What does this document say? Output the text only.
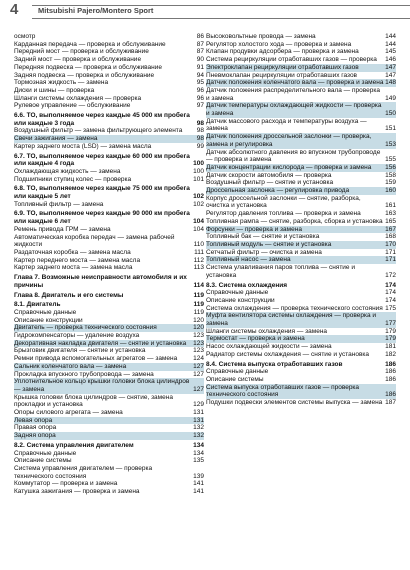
4	Mitsubishi Pajero/Montero Sport
осмотр	86
Карданная передача — проверка и обслуживание	87
Передний мост — проверка и обслуживание	87
Задний мост — проверка и обслуживание	90
Передняя подвеска — проверка и обслуживание	91
Задняя подвеска — проверка и обслуживание	94
Тормозная жидкость — замена	95
Диски и шины — проверка	96
Шланги системы охлаждения — проверка	96
Рулевое управление — обслуживание	97
6.6. ТО, выполняемое через каждые 45 000 км пробега или каждые 3 года	98
Воздушный фильтр — замена фильтрующего элемента 98
Свечи зажигания — замена	98
Картер заднего моста (LSD) — замена масла	99
6.7. ТО, выполняемое через каждые 60 000 км пробега или каждые 4 года	100
Охлаждающая жидкость — замена	100
Подшипники ступиц колес — проверка	101
6.8. ТО, выполняемое через каждые 75 000 км пробега или каждые 5 лет	102
Топливный фильтр — замена	102
6.9. ТО, выполняемое через каждые 90 000 км пробега или каждые 6 лет	104
Ремень привода ГРМ — замена	104
Автоматическая коробка передач — замена рабочей жидкости	110
Раздаточная коробка — замена масла	111
Картер переднего моста — замена масла	112
Картер заднего моста — замена масла	113
Глава 7. Возможные неисправности автомобиля и их причины	114
Глава 8. Двигатель и его системы	119
8.1. Двигатель	119
Справочные данные	119
Описание конструкции	120
Двигатель — проверка технического состояния	120
Гидрокомпенсаторы — удаление воздуха	123
Декоративная накладка двигателя — снятие и установка 123
Брызговик двигателя — снятие и установка	123
Ремни привода вспомогательных агрегатов — замена 124
Сальник коленчатого вала — замена	127
Прокладка впускного трубопровода — замена	127
Уплотнительное кольцо крышки головки блока цилиндров — замена	127
Крышка головки блока цилиндров — снятие, замена прокладки и установка	129
Опоры силового агрегата — замена	131
Левая опора	131
Правая опора	132
Задняя опора	132
8.2. Система управления двигателем	134
Справочные данные	134
Описание системы	135
Система управления двигателем — проверка технического состояния	139
Коммутатор — проверка и замена	141
Катушка зажигания — проверка и замена	141
Высоковольтные провода — замена	144
Регулятор холостого хода — проверка и замена	144
Клапан продувки адсорбера — проверка и замена	145
Система рециркуляции отработавших газов — проверка 146
Электроклапан рециркуляции отработавших газов	147
Пневмоклапан рециркуляции отработавших газов	147
Датчик положения коленчатого вала — проверка и замена 148
Датчик положения распределительного вала — проверка и замена	149
Датчик температуры охлаждающей жидкости — проверка и замена	150
Датчик массового расхода и температуры воздуха — замена	151
Датчик положения дроссельной заслонки — проверка, замена и регулировка	153
Датчик абсолютного давления во впускном трубопроводе — проверка и замена	155
Датчик концентрации кислорода — проверка и замена 156
Датчик скорости автомобиля — проверка	158
Воздушный фильтр — снятие и установка	159
Дроссельная заслонка — регулировка привода	160
Корпус дроссельной заслонки — снятие, разборка, очистка и установка	161
Регулятор давления топлива — проверка и замена	163
Топливная рампа — снятие, разборка, сборка и установка 165
Форсунки — проверка и замена	167
Топливный бак — снятие и установка	168
Топливный модуль — снятие и установка	170
Сетчатый фильтр — очистка и замена	171
Топливный насос — замена	171
Система улавливания паров топлива — снятие и установка	172
8.3. Система охлаждения	174
Справочные данные	174
Описание конструкции	174
Система охлаждения — проверка технического состояния 175
Муфта вентилятора системы охлаждения — проверка и замена	177
Шланги системы охлаждения — замена	179
Термостат — проверка и замена	179
Насос охлаждающей жидкости — замена	181
Радиатор системы охлаждения — снятие и установка 182
8.4. Система выпуска отработавших газов	186
Справочные данные	186
Описание системы	186
Система выпуска отработавших газов — проверка технического состояния	186
Подушки подвески элементов системы выпуска — замена 187
